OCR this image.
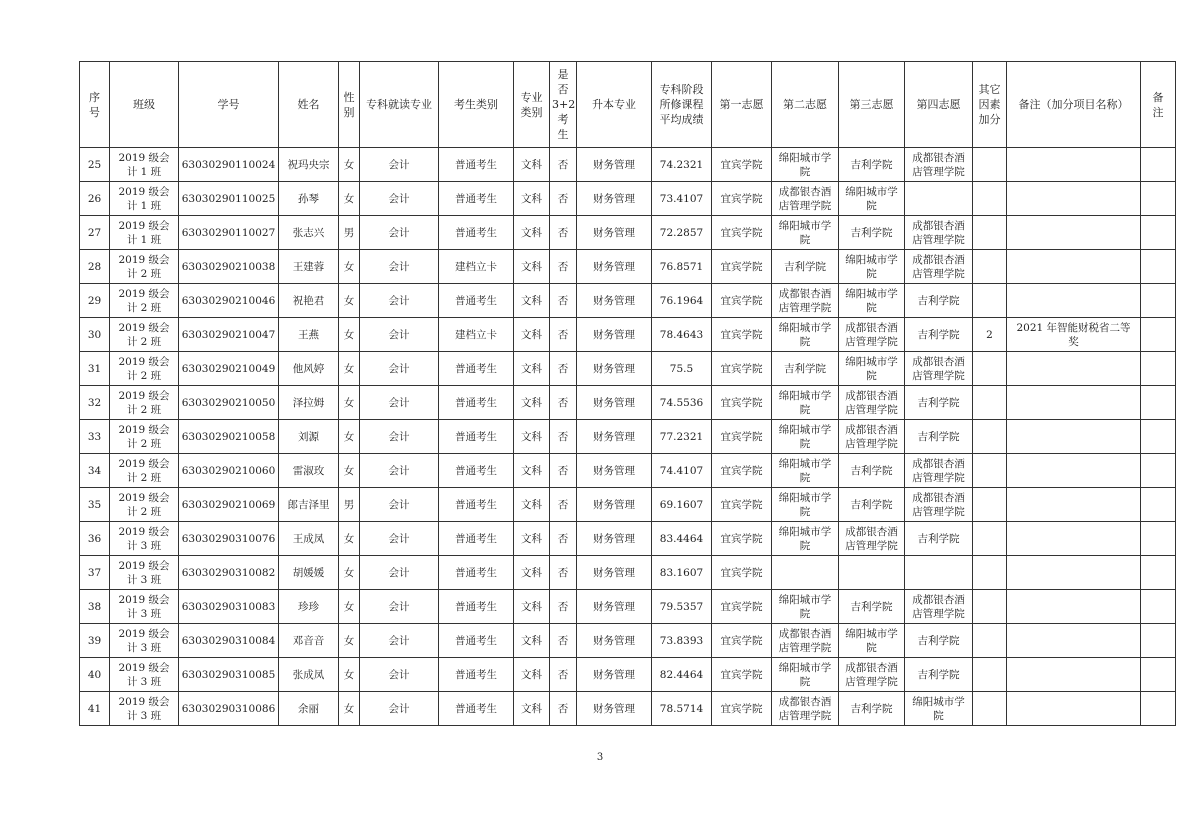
序
号	班级	学号	姓名	性
别	专科就读专业	考生类别	专业
类别	是
否
3+2
考
生	升本专业	专科阶段
所修课程
平均成绩	第一志愿	第二志愿	第三志愿	第四志愿	其它
因素
加分	备注（加分项目名称）	备
注
25	2019 级会
计 1 班	63030290110024	祝玛央宗	女	会计	普通考生	文科	否	财务管理	74.2321	宜宾学院	绵阳城市学
院	吉利学院	成都银杏酒
店管理学院			
26	2019 级会
计 1 班	63030290110025	孙琴	女	会计	普通考生	文科	否	财务管理	73.4107	宜宾学院	成都银杏酒
店管理学院	绵阳城市学
院				
27	2019 级会
计 1 班	63030290110027	张志兴	男	会计	普通考生	文科	否	财务管理	72.2857	宜宾学院	绵阳城市学
院	吉利学院	成都银杏酒
店管理学院			
28	2019 级会
计 2 班	63030290210038	王建蓉	女	会计	建档立卡	文科	否	财务管理	76.8571	宜宾学院	吉利学院	绵阳城市学
院	成都银杏酒
店管理学院			
29	2019 级会
计 2 班	63030290210046	祝艳君	女	会计	普通考生	文科	否	财务管理	76.1964	宜宾学院	成都银杏酒
店管理学院	绵阳城市学
院	吉利学院			
30	2019 级会
计 2 班	63030290210047	王燕	女	会计	建档立卡	文科	否	财务管理	78.4643	宜宾学院	绵阳城市学
院	成都银杏酒
店管理学院	吉利学院	2	2021 年智能财税省二等
奖	
31	2019 级会
计 2 班	63030290210049	他风婷	女	会计	普通考生	文科	否	财务管理	75.5	宜宾学院	吉利学院	绵阳城市学
院	成都银杏酒
店管理学院			
32	2019 级会
计 2 班	63030290210050	泽拉姆	女	会计	普通考生	文科	否	财务管理	74.5536	宜宾学院	绵阳城市学
院	成都银杏酒
店管理学院	吉利学院			
33	2019 级会
计 2 班	63030290210058	刘源	女	会计	普通考生	文科	否	财务管理	77.2321	宜宾学院	绵阳城市学
院	成都银杏酒
店管理学院	吉利学院			
34	2019 级会
计 2 班	63030290210060	雷淑玫	女	会计	普通考生	文科	否	财务管理	74.4107	宜宾学院	绵阳城市学
院	吉利学院	成都银杏酒
店管理学院			
35	2019 级会
计 2 班	63030290210069	郎吉泽里	男	会计	普通考生	文科	否	财务管理	69.1607	宜宾学院	绵阳城市学
院	吉利学院	成都银杏酒
店管理学院			
36	2019 级会
计 3 班	63030290310076	王成凤	女	会计	普通考生	文科	否	财务管理	83.4464	宜宾学院	绵阳城市学
院	成都银杏酒
店管理学院	吉利学院			
37	2019 级会
计 3 班	63030290310082	胡媛媛	女	会计	普通考生	文科	否	财务管理	83.1607	宜宾学院						
38	2019 级会
计 3 班	63030290310083	珍珍	女	会计	普通考生	文科	否	财务管理	79.5357	宜宾学院	绵阳城市学
院	吉利学院	成都银杏酒
店管理学院			
39	2019 级会
计 3 班	63030290310084	邓音音	女	会计	普通考生	文科	否	财务管理	73.8393	宜宾学院	成都银杏酒
店管理学院	绵阳城市学
院	吉利学院			
40	2019 级会
计 3 班	63030290310085	张成凤	女	会计	普通考生	文科	否	财务管理	82.4464	宜宾学院	绵阳城市学
院	成都银杏酒
店管理学院	吉利学院			
41	2019 级会
计 3 班	63030290310086	余丽	女	会计	普通考生	文科	否	财务管理	78.5714	宜宾学院	成都银杏酒
店管理学院	吉利学院	绵阳城市学
院			
3
